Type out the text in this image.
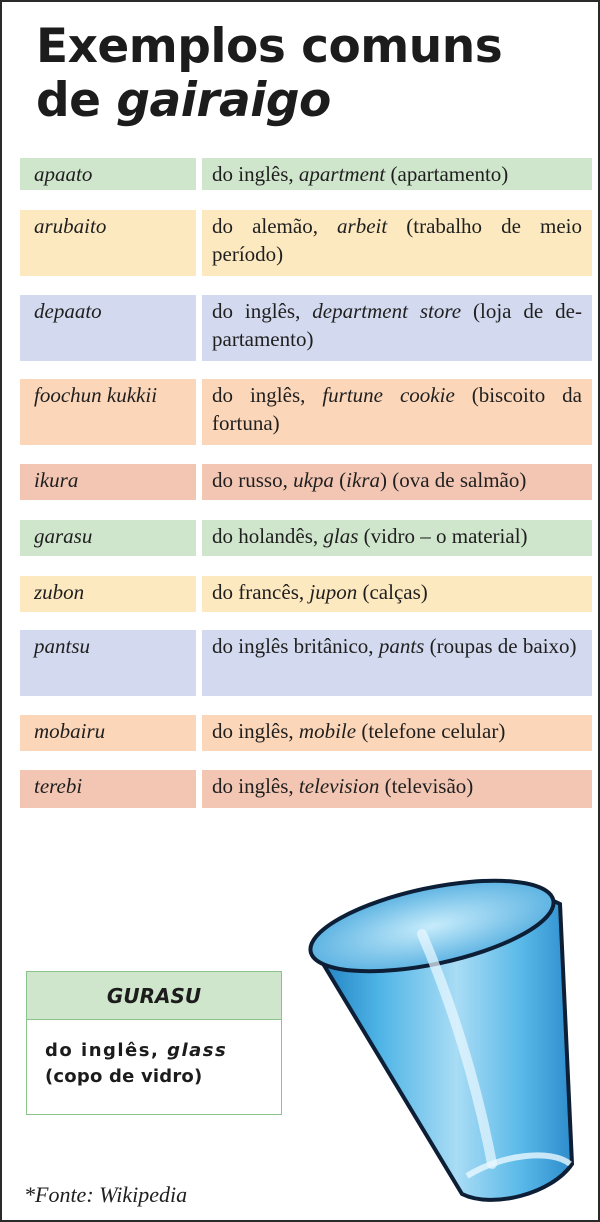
Exemplos comuns
de gairaigo
apaato	do inglês, apartment (apartamento)
arubaito	do alemão, arbeit (trabalho de meio período)
depaato	do inglês, department store (loja de de-partamento)
foochun kukkii	do inglês, furtune cookie (biscoito da fortuna)
ikura	do russo, ukpa (ikra) (ova de salmão)
garasu	do holandês, glas (vidro – o material)
zubon	do francês, jupon (calças)
pantsu	do inglês britânico, pants (roupas de baixo)
mobairu	do inglês, mobile (telefone celular)
terebi	do inglês, television (televisão)
GURASU
do inglês, glass
(copo de vidro)
*Fonte: Wikipedia
